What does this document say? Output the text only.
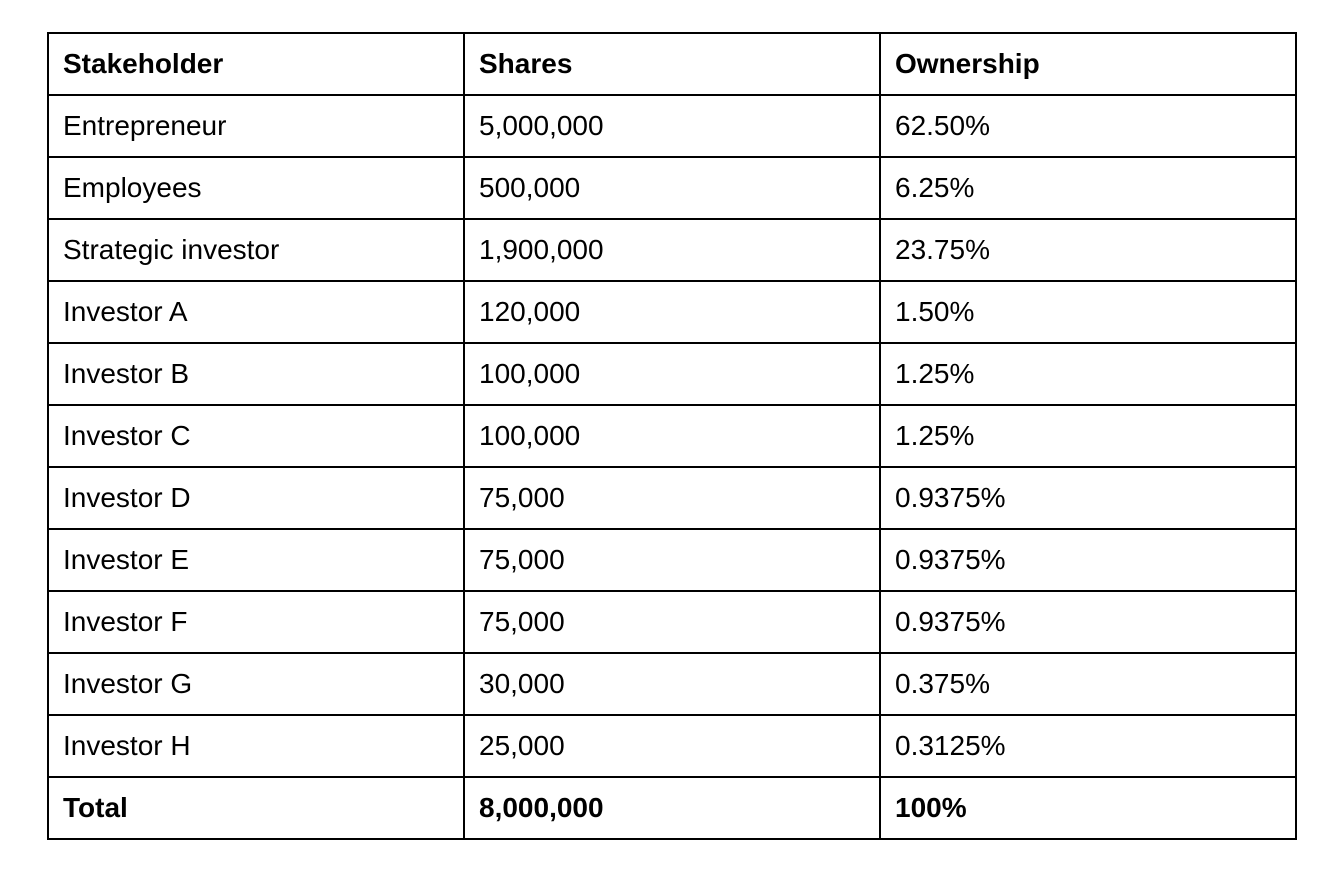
Stakeholder	Shares	Ownership
Entrepreneur	5,000,000	62.50%
Employees	500,000	6.25%
Strategic investor	1,900,000	23.75%
Investor A	120,000	1.50%
Investor B	100,000	1.25%
Investor C	100,000	1.25%
Investor D	75,000	0.9375%
Investor E	75,000	0.9375%
Investor F	75,000	0.9375%
Investor G	30,000	0.375%
Investor H	25,000	0.3125%
Total	8,000,000	100%
